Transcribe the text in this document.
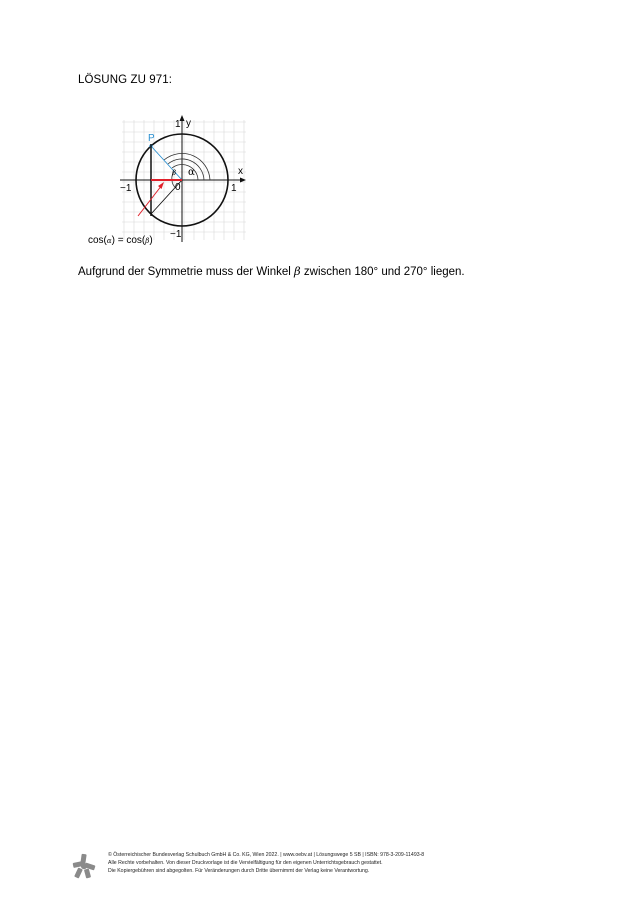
LÖSUNG ZU 971:
y
x
1
−1	1
−1
0
P
α
β
cos(α) = cos(β)
Aufgrund der Symmetrie muss der Winkel β zwischen 180° und 270° liegen.
© Österreichischer Bundesverlag Schulbuch GmbH & Co. KG, Wien 2022. | www.oebv.at | Lösungswege 5 SB | ISBN: 978-3-209-11493-8
Alle Rechte vorbehalten. Von dieser Druckvorlage ist die Vervielfältigung für den eigenen Unterrichtsgebrauch gestattet.
Die Kopiergebühren sind abgegolten. Für Veränderungen durch Dritte übernimmt der Verlag keine Verantwortung.
